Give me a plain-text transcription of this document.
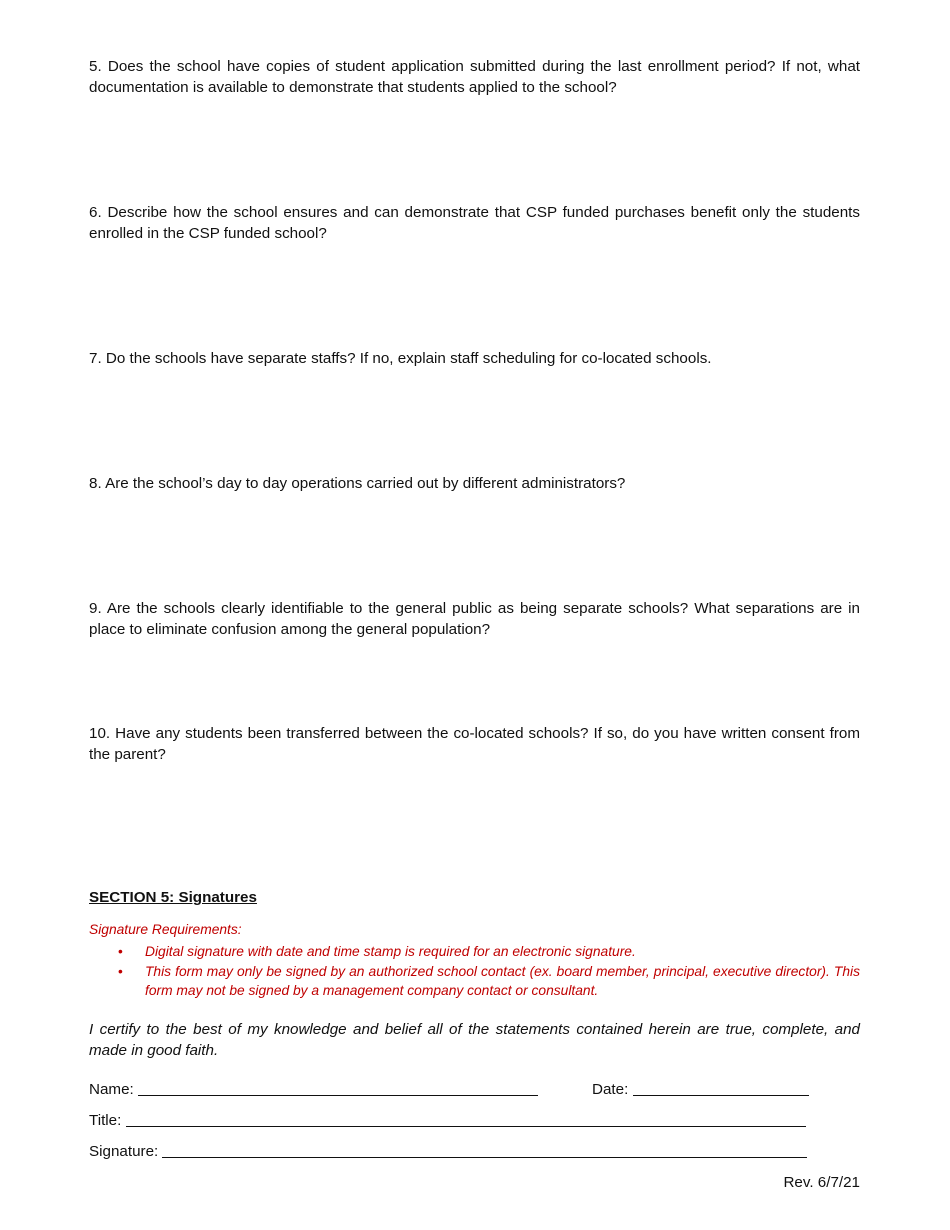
5. Does the school have copies of student application submitted during the last enrollment period? If not, what documentation is available to demonstrate that students applied to the school?
6. Describe how the school ensures and can demonstrate that CSP funded purchases benefit only the students enrolled in the CSP funded school?
7. Do the schools have separate staffs? If no, explain staff scheduling for co-located schools.
8. Are the school’s day to day operations carried out by different administrators?
9. Are the schools clearly identifiable to the general public as being separate schools? What separations are in place to eliminate confusion among the general population?
10. Have any students been transferred between the co-located schools? If so, do you have written consent from the parent?
SECTION 5: Signatures
Signature Requirements:
• Digital signature with date and time stamp is required for an electronic signature.
• This form may only be signed by an authorized school contact (ex. board member, principal, executive director). This form may not be signed by a management company contact or consultant.
I certify to the best of my knowledge and belief all of the statements contained herein are true, complete, and made in good faith.
Name:	Date:
Title:
Signature:
Rev. 6/7/21
